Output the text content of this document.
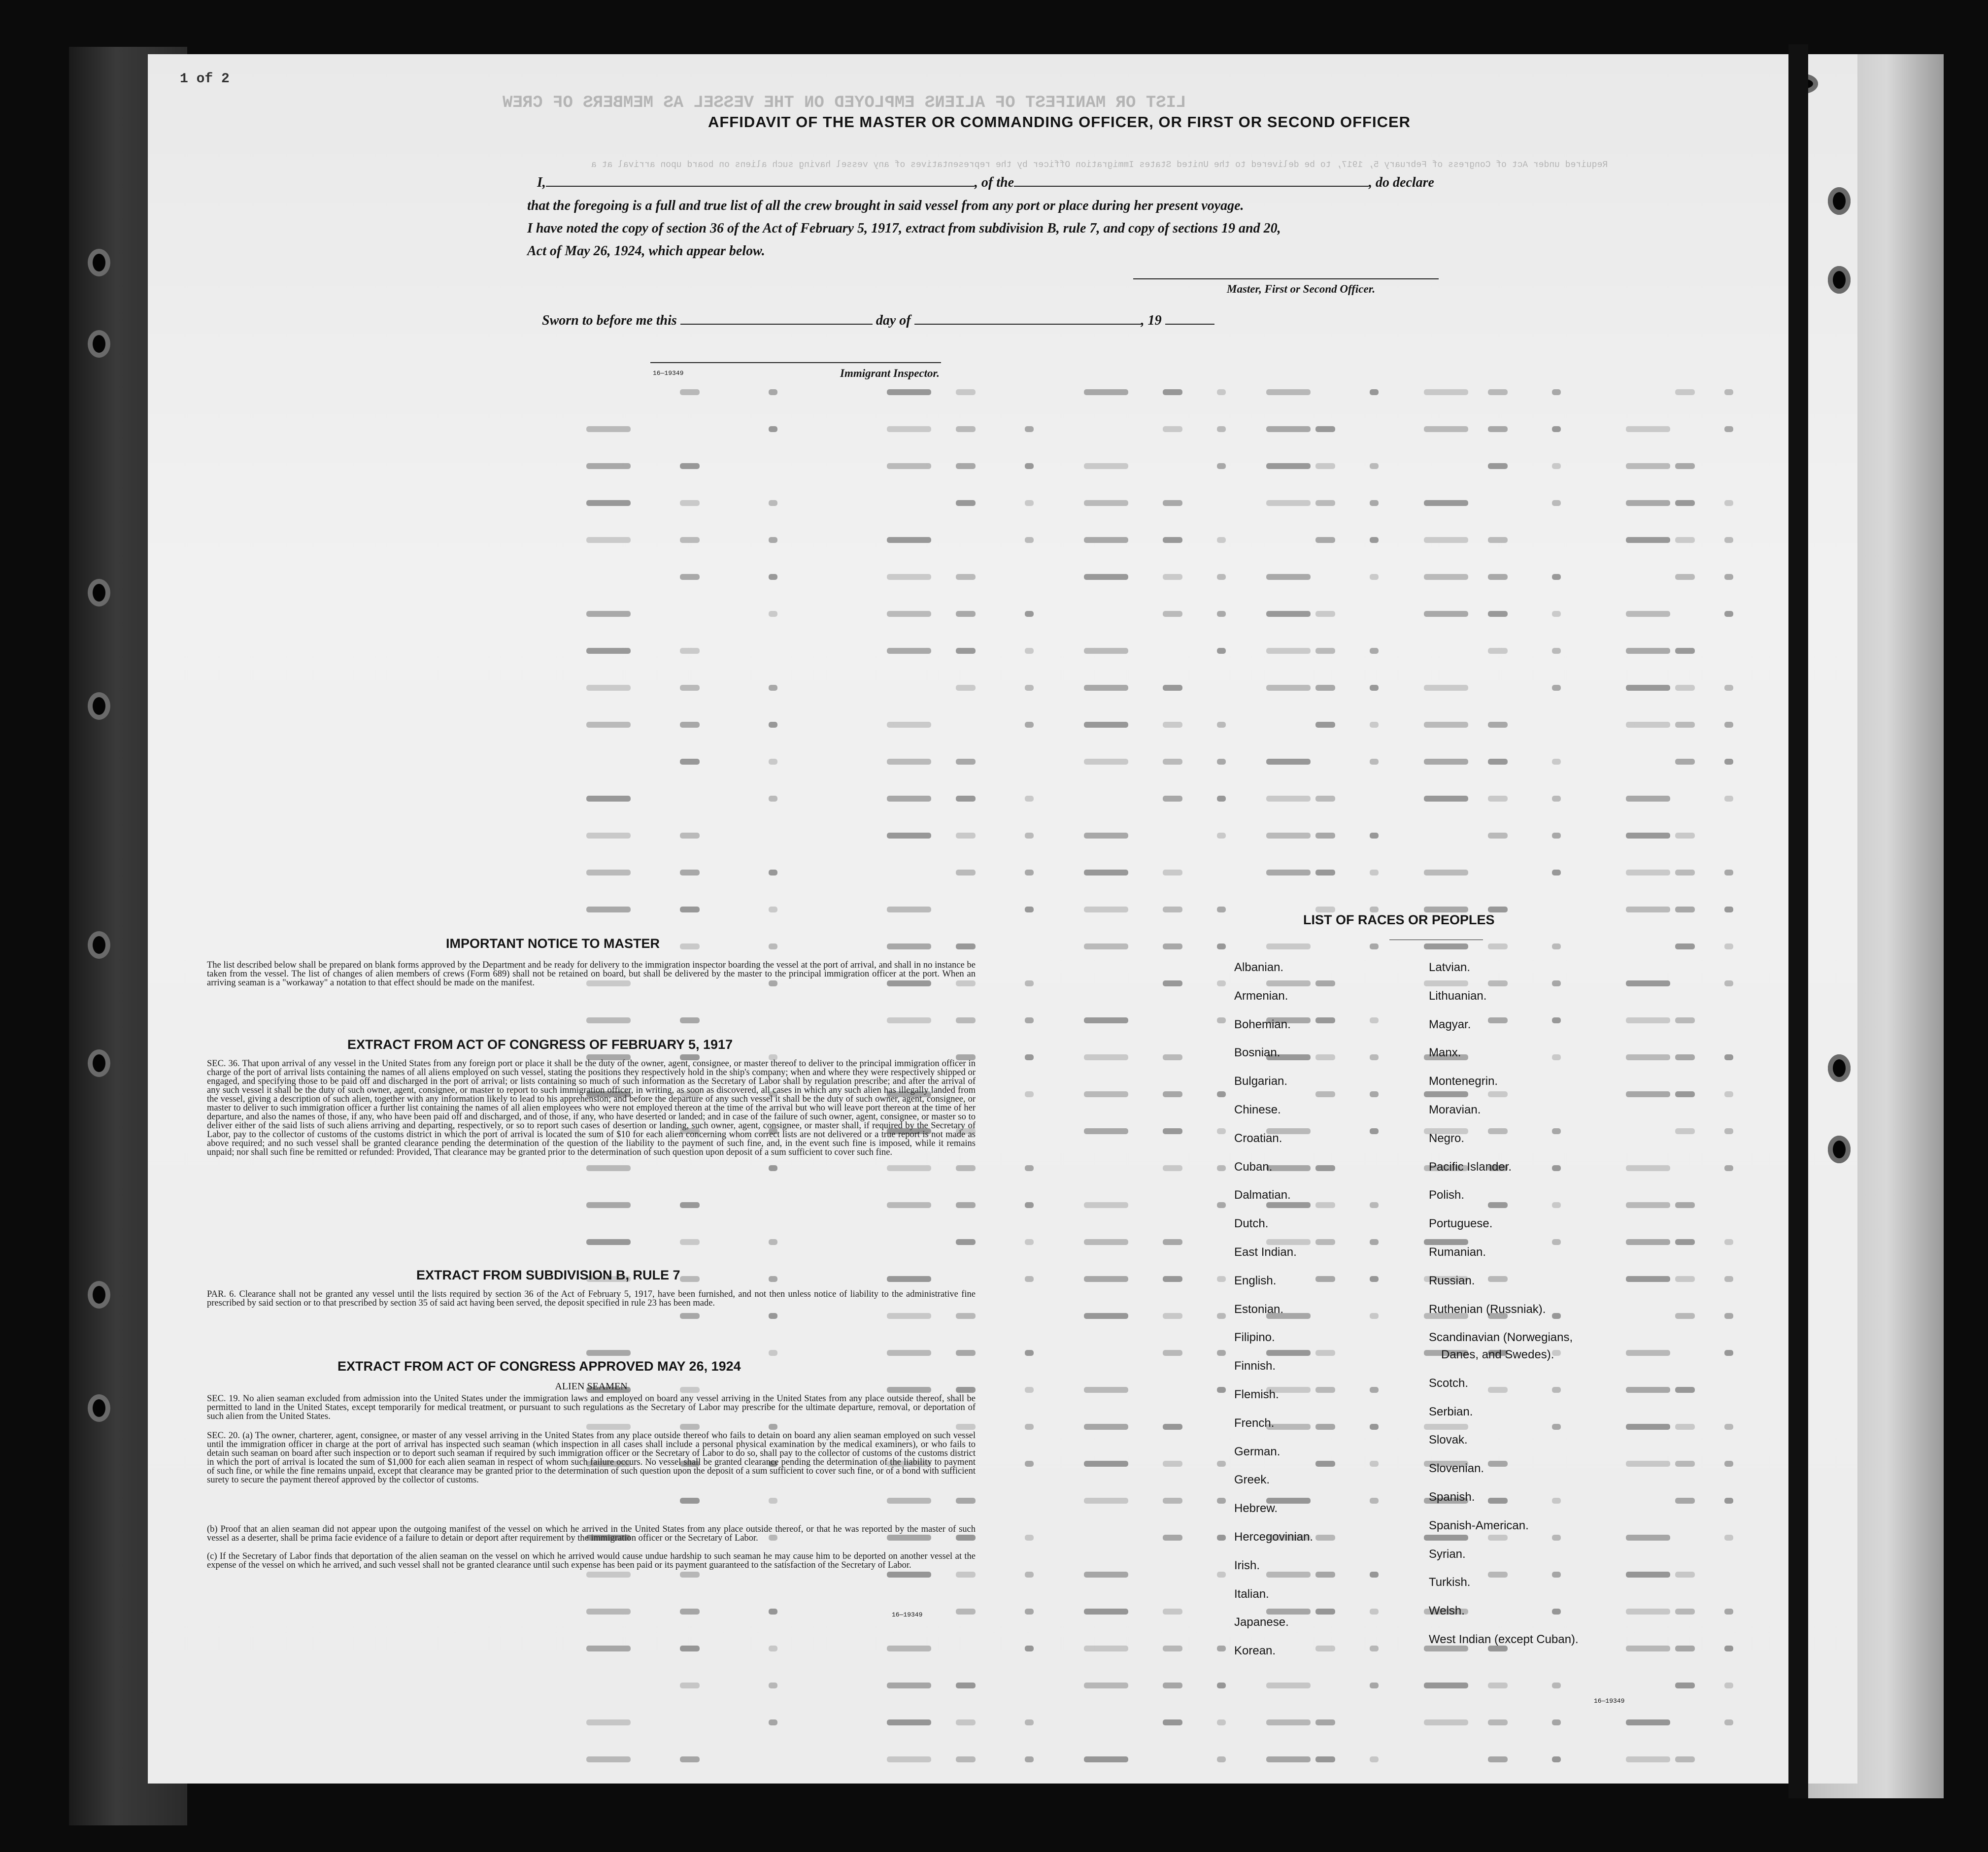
1 of 2
LIST OR MANIFEST OF ALIENS EMPLOYED ON THE VESSEL AS MEMBERS OF CREW
Required under Act of Congress of February 5, 1917, to be delivered to the United States Immigration Officer by the representatives of any vessel having such aliens on board upon arrival at a
AFFIDAVIT OF THE MASTER OR COMMANDING OFFICER, OR FIRST OR SECOND OFFICER
I,	, of the	, do declare
that the foregoing is a full and true list of all the crew brought in said vessel from any port or place during her present voyage.
I have noted the copy of section 36 of the Act of February 5, 1917, extract from subdivision B, rule 7, and copy of sections 19 and 20,
Act of May 26, 1924, which appear below.
Master, First or Second Officer.
Sworn to before me this	day of	, 19
16—19349	Immigrant Inspector.
IMPORTANT NOTICE TO MASTER
The list described below shall be prepared on blank forms approved by the Department and be ready for delivery to the immigration inspector boarding the vessel at the port of arrival, and shall in no instance be taken from the vessel. The list of changes of alien members of crews (Form 689) shall not be retained on board, but shall be delivered by the master to the principal immigration officer at the port. When an arriving seaman is a "workaway" a notation to that effect should be made on the manifest.
EXTRACT FROM ACT OF CONGRESS OF FEBRUARY 5, 1917
SEC. 36. That upon arrival of any vessel in the United States from any foreign port or place it shall be the duty of the owner, agent, consignee, or master thereof to deliver to the principal immigration officer in charge of the port of arrival lists containing the names of all aliens employed on such vessel, stating the positions they respectively hold in the ship's company; when and where they were respectively shipped or engaged, and specifying those to be paid off and discharged in the port of arrival; or lists containing so much of such information as the Secretary of Labor shall by regulation prescribe; and after the arrival of any such vessel it shall be the duty of such owner, agent, consignee, or master to report to such immigration officer, in writing, as soon as discovered, all cases in which any such alien has illegally landed from the vessel, giving a description of such alien, together with any information likely to lead to his apprehension; and before the departure of any such vessel it shall be the duty of such owner, agent, consignee, or master to deliver to such immigration officer a further list containing the names of all alien employees who were not employed thereon at the time of the arrival but who will leave port thereon at the time of her departure, and also the names of those, if any, who have been paid off and discharged, and of those, if any, who have deserted or landed; and in case of the failure of such owner, agent, consignee, or master so to deliver either of the said lists of such aliens arriving and departing, respectively, or so to report such cases of desertion or landing, such owner, agent, consignee, or master shall, if required by the Secretary of Labor, pay to the collector of customs of the customs district in which the port of arrival is located the sum of $10 for each alien concerning whom correct lists are not delivered or a true report is not made as above required; and no such vessel shall be granted clearance pending the determination of the question of the liability to the payment of such fine, and, in the event such fine is imposed, while it remains unpaid; nor shall such fine be remitted or refunded: Provided, That clearance may be granted prior to the determination of such question upon deposit of a sum sufficient to cover such fine.
EXTRACT FROM SUBDIVISION B, RULE 7
PAR. 6. Clearance shall not be granted any vessel until the lists required by section 36 of the Act of February 5, 1917, have been furnished, and not then unless notice of liability to the administrative fine prescribed by said section or to that prescribed by section 35 of said act having been served, the deposit specified in rule 23 has been made.
EXTRACT FROM ACT OF CONGRESS APPROVED MAY 26, 1924
ALIEN SEAMEN
SEC. 19. No alien seaman excluded from admission into the United States under the immigration laws and employed on board any vessel arriving in the United States from any place outside thereof, shall be permitted to land in the United States, except temporarily for medical treatment, or pursuant to such regulations as the Secretary of Labor may prescribe for the ultimate departure, removal, or deportation of such alien from the United States.
SEC. 20. (a) The owner, charterer, agent, consignee, or master of any vessel arriving in the United States from any place outside thereof who fails to detain on board any alien seaman employed on such vessel until the immigration officer in charge at the port of arrival has inspected such seaman (which inspection in all cases shall include a personal physical examination by the medical examiners), or who fails to detain such seaman on board after such inspection or to deport such seaman if required by such immigration officer or the Secretary of Labor to do so, shall pay to the collector of customs of the customs district in which the port of arrival is located the sum of $1,000 for each alien seaman in respect of whom such failure occurs. No vessel shall be granted clearance pending the determination of the liability to payment of such fine, or while the fine remains unpaid, except that clearance may be granted prior to the determination of such question upon the deposit of a sum sufficient to cover such fine, or of a bond with sufficient surety to secure the payment thereof approved by the collector of customs.
(b) Proof that an alien seaman did not appear upon the outgoing manifest of the vessel on which he arrived in the United States from any place outside thereof, or that he was reported by the master of such vessel as a deserter, shall be prima facie evidence of a failure to detain or deport after requirement by the immigration officer or the Secretary of Labor.
(c) If the Secretary of Labor finds that deportation of the alien seaman on the vessel on which he arrived would cause undue hardship to such seaman he may cause him to be deported on another vessel at the expense of the vessel on which he arrived, and such vessel shall not be granted clearance until such expense has been paid or its payment guaranteed to the satisfaction of the Secretary of Labor.
16—19349
LIST OF RACES OR PEOPLES
Albanian.
Armenian.
Bohemian.
Bosnian.
Bulgarian.
Chinese.
Croatian.
Cuban.
Dalmatian.
Dutch.
East Indian.
English.
Estonian.
Filipino.
Finnish.
Flemish.
French.
German.
Greek.
Hebrew.
Hercegovinian.
Irish.
Italian.
Japanese.
Korean.
Latvian.
Lithuanian.
Magyar.
Manx.
Montenegrin.
Moravian.
Negro.
Pacific Islander.
Polish.
Portuguese.
Rumanian.
Russian.
Ruthenian (Russniak).
Scandinavian (Norwegians,
Danes, and Swedes).
Scotch.
Serbian.
Slovak.
Slovenian.
Spanish.
Spanish-American.
Syrian.
Turkish.
Welsh.
West Indian (except Cuban).
16—19349
